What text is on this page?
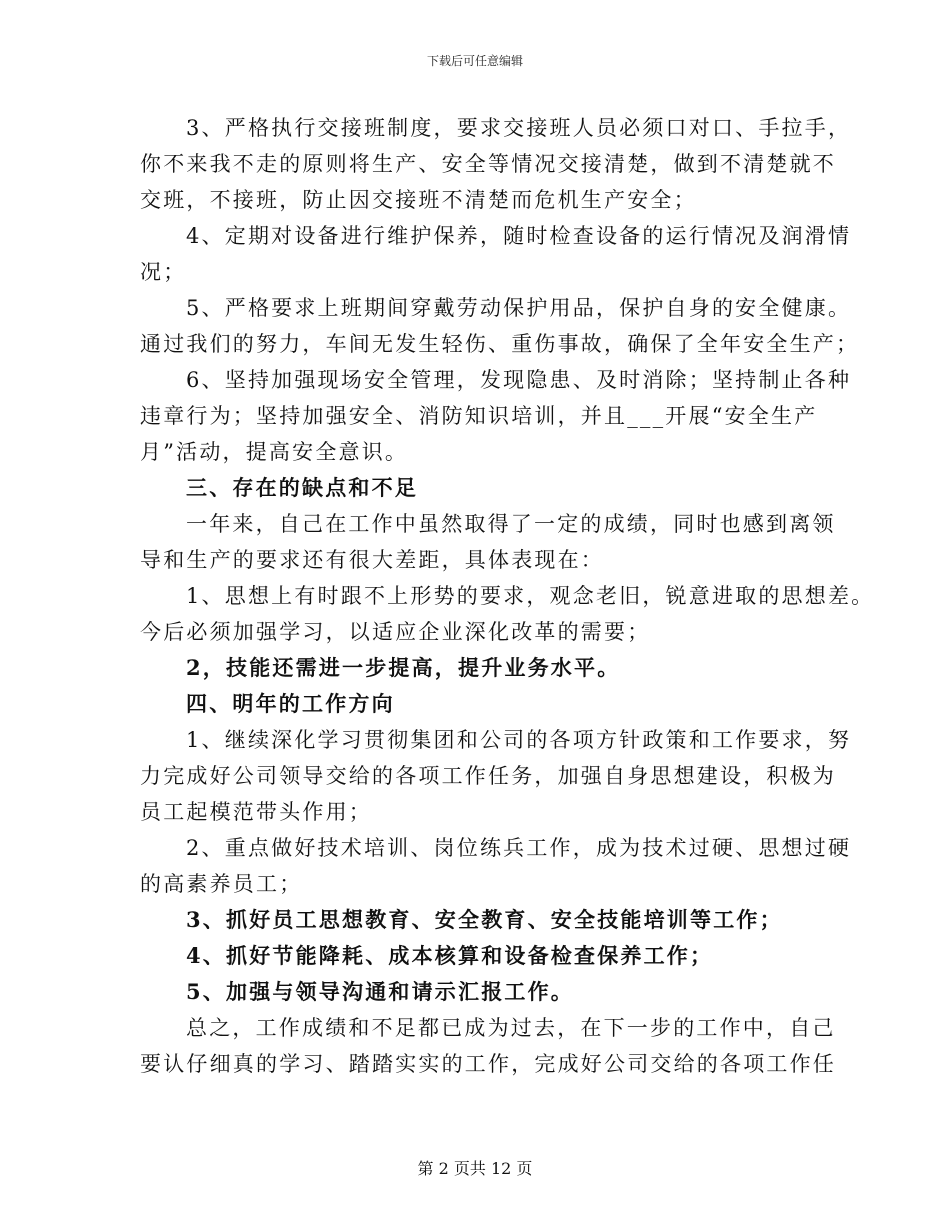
下载后可任意编辑
3、严格执行交接班制度，要求交接班人员必须口对口、手拉手，
你不来我不走的原则将生产、安全等情况交接清楚，做到不清楚就不
交班，不接班，防止因交接班不清楚而危机生产安全；
4、定期对设备进行维护保养，随时检查设备的运行情况及润滑情
况；
5、严格要求上班期间穿戴劳动保护用品，保护自身的安全健康。
通过我们的努力，车间无发生轻伤、重伤事故，确保了全年安全生产；
6、坚持加强现场安全管理，发现隐患、及时消除；坚持制止各种
违章行为；坚持加强安全、消防知识培训，并且___开展“安全生产
月”活动，提高安全意识。
三、存在的缺点和不足
一年来，自己在工作中虽然取得了一定的成绩，同时也感到离领
导和生产的要求还有很大差距，具体表现在：
1、思想上有时跟不上形势的要求，观念老旧，锐意进取的思想差。
今后必须加强学习，以适应企业深化改革的需要；
2，技能还需进一步提高，提升业务水平。
四、明年的工作方向
1、继续深化学习贯彻集团和公司的各项方针政策和工作要求，努
力完成好公司领导交给的各项工作任务，加强自身思想建设，积极为
员工起模范带头作用；
2、重点做好技术培训、岗位练兵工作，成为技术过硬、思想过硬
的高素养员工；
3、抓好员工思想教育、安全教育、安全技能培训等工作；
4、抓好节能降耗、成本核算和设备检查保养工作；
5、加强与领导沟通和请示汇报工作。
总之，工作成绩和不足都已成为过去，在下一步的工作中，自己
要认仔细真的学习、踏踏实实的工作，完成好公司交给的各项工作任
第 2 页共 12 页
